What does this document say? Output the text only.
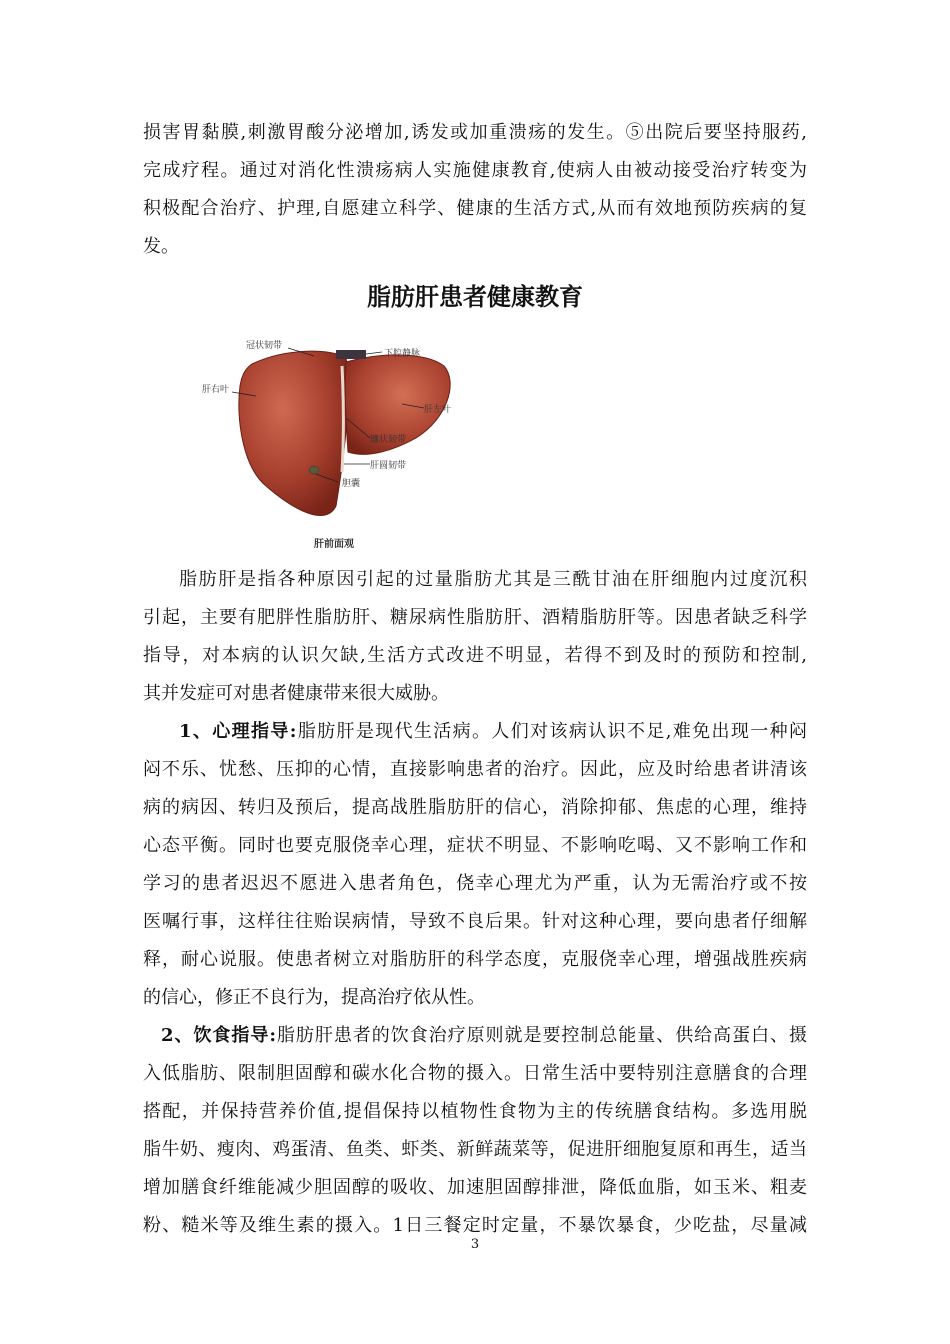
损害胃黏膜,刺激胃酸分泌增加,诱发或加重溃疡的发生。⑤出院后要坚持服药,
完成疗程。通过对消化性溃疡病人实施健康教育,使病人由被动接受治疗转变为
积极配合治疗、护理,自愿建立科学、健康的生活方式,从而有效地预防疾病的复
发。
脂肪肝患者健康教育
冠状韧带
下腔静脉
肝右叶
肝左叶
镰状韧带
肝圆韧带
胆囊
肝前面观
脂肪肝是指各种原因引起的过量脂肪尤其是三酰甘油在肝细胞内过度沉积
引起，主要有肥胖性脂肪肝、糖尿病性脂肪肝、酒精脂肪肝等。因患者缺乏科学
指导，对本病的认识欠缺,生活方式改进不明显，若得不到及时的预防和控制,
其并发症可对患者健康带来很大威胁。
1、心理指导:脂肪肝是现代生活病。人们对该病认识不足,难免出现一种闷
闷不乐、忧愁、压抑的心情，直接影响患者的治疗。因此，应及时给患者讲清该
病的病因、转归及预后，提高战胜脂肪肝的信心，消除抑郁、焦虑的心理，维持
心态平衡。同时也要克服侥幸心理，症状不明显、不影响吃喝、又不影响工作和
学习的患者迟迟不愿进入患者角色，侥幸心理尤为严重，认为无需治疗或不按
医嘱行事，这样往往贻误病情，导致不良后果。针对这种心理，要向患者仔细解
释，耐心说服。使患者树立对脂肪肝的科学态度，克服侥幸心理，增强战胜疾病
的信心，修正不良行为，提高治疗依从性。
2、饮食指导:脂肪肝患者的饮食治疗原则就是要控制总能量、供给高蛋白、摄
入低脂肪、限制胆固醇和碳水化合物的摄入。日常生活中要特别注意膳食的合理
搭配，并保持营养价值,提倡保持以植物性食物为主的传统膳食结构。多选用脱
脂牛奶、瘦肉、鸡蛋清、鱼类、虾类、新鲜蔬菜等，促进肝细胞复原和再生，适当
增加膳食纤维能减少胆固醇的吸收、加速胆固醇排泄，降低血脂，如玉米、粗麦
粉、糙米等及维生素的摄入。1日三餐定时定量，不暴饮暴食，少吃盐，尽量减
3
